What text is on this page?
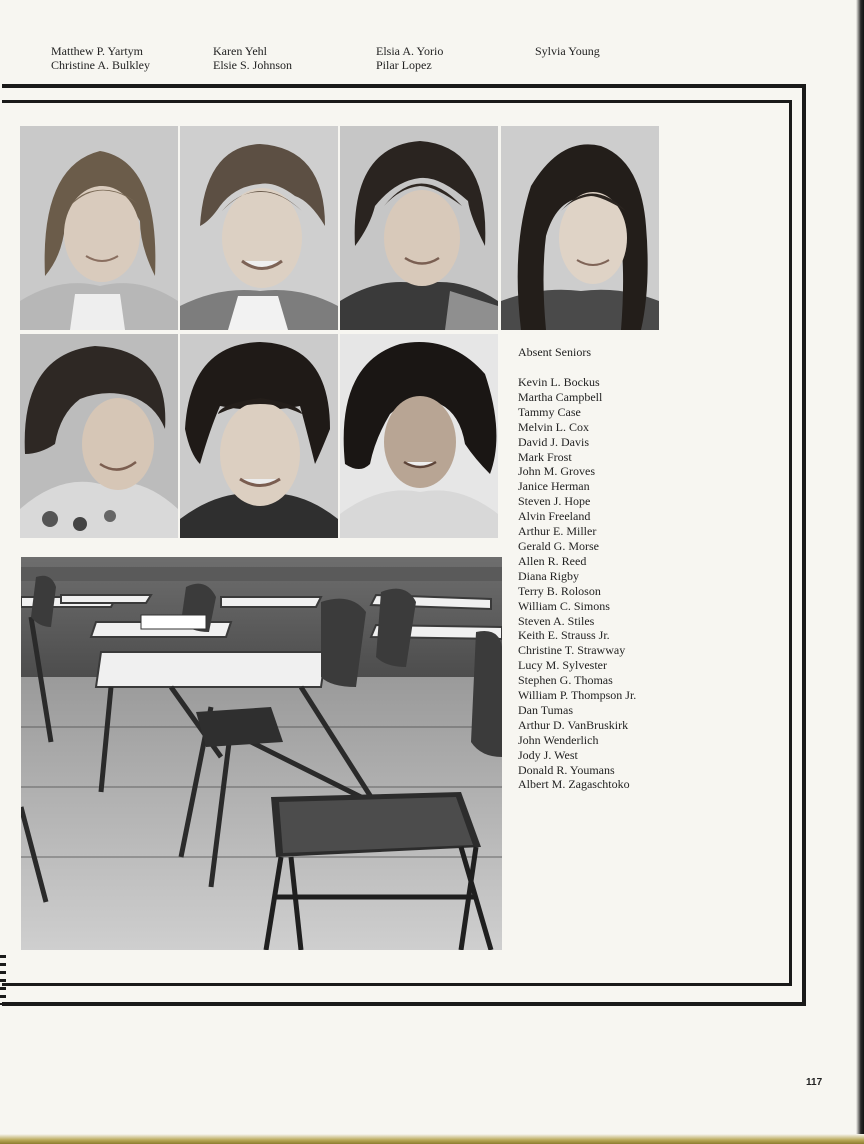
Matthew P. Yartym
Christine A. Bulkley
Karen Yehl
Elsie S. Johnson
Elsia A. Yorio
Pilar Lopez
Sylvia Young
Absent Seniors
Kevin L. Bockus
Martha Campbell
Tammy Case
Melvin L. Cox
David J. Davis
Mark Frost
John M. Groves
Janice Herman
Steven J. Hope
Alvin Freeland
Arthur E. Miller
Gerald G. Morse
Allen R. Reed
Diana Rigby
Terry B. Roloson
William C. Simons
Steven A. Stiles
Keith E. Strauss Jr.
Christine T. Strawway
Lucy M. Sylvester
Stephen G. Thomas
William P. Thompson Jr.
Dan Tumas
Arthur D. VanBruskirk
John Wenderlich
Jody J. West
Donald R. Youmans
Albert M. Zagaschtoko
117
